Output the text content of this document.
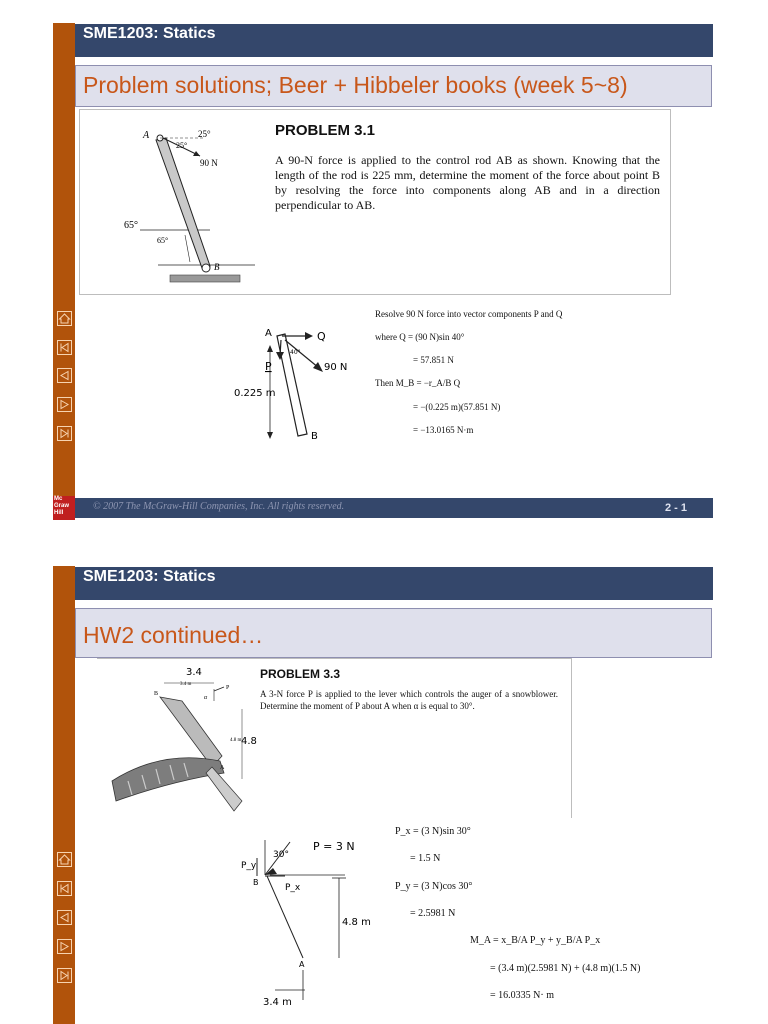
SME1203: Statics
Problem solutions; Beer + Hibbeler books (week 5~8)
A	25°
25°
90 N
65°
65°
B
PROBLEM 3.1
A 90-N force is applied to the control rod AB as shown. Knowing that the length of the rod is 225 mm, determine the moment of the force about point B by resolving the force into components along AB and in a direction perpendicular to AB.
A	Q
P
40°
90 N
0.225 m
B
Resolve 90 N force into vector components P and Q
where Q = (90 N)sin 40°
= 57.851 N
Then M_B = −r_A/B Q
= −(0.225 m)(57.851 N)
= −13.0165 N·m
Mc
Graw
Hill
© 2007 The McGraw-Hill Companies, Inc. All rights reserved.	2 - 1
SME1203: Statics
HW2 continued…
3.4
3.4 m
α
P
B
4.8 m 4.8
A
PROBLEM 3.3
A 3-N force P is applied to the lever which controls the auger of a snowblower. Determine the moment of P about A when α is equal to 30°.
30°
P = 3 N
P_y
B
P_x
4.8 m
A
3.4 m
P_x = (3 N)sin 30°
= 1.5 N
P_y = (3 N)cos 30°
= 2.5981 N
M_A = x_B/A P_y + y_B/A P_x
= (3.4 m)(2.5981 N) + (4.8 m)(1.5 N)
= 16.0335 N· m
